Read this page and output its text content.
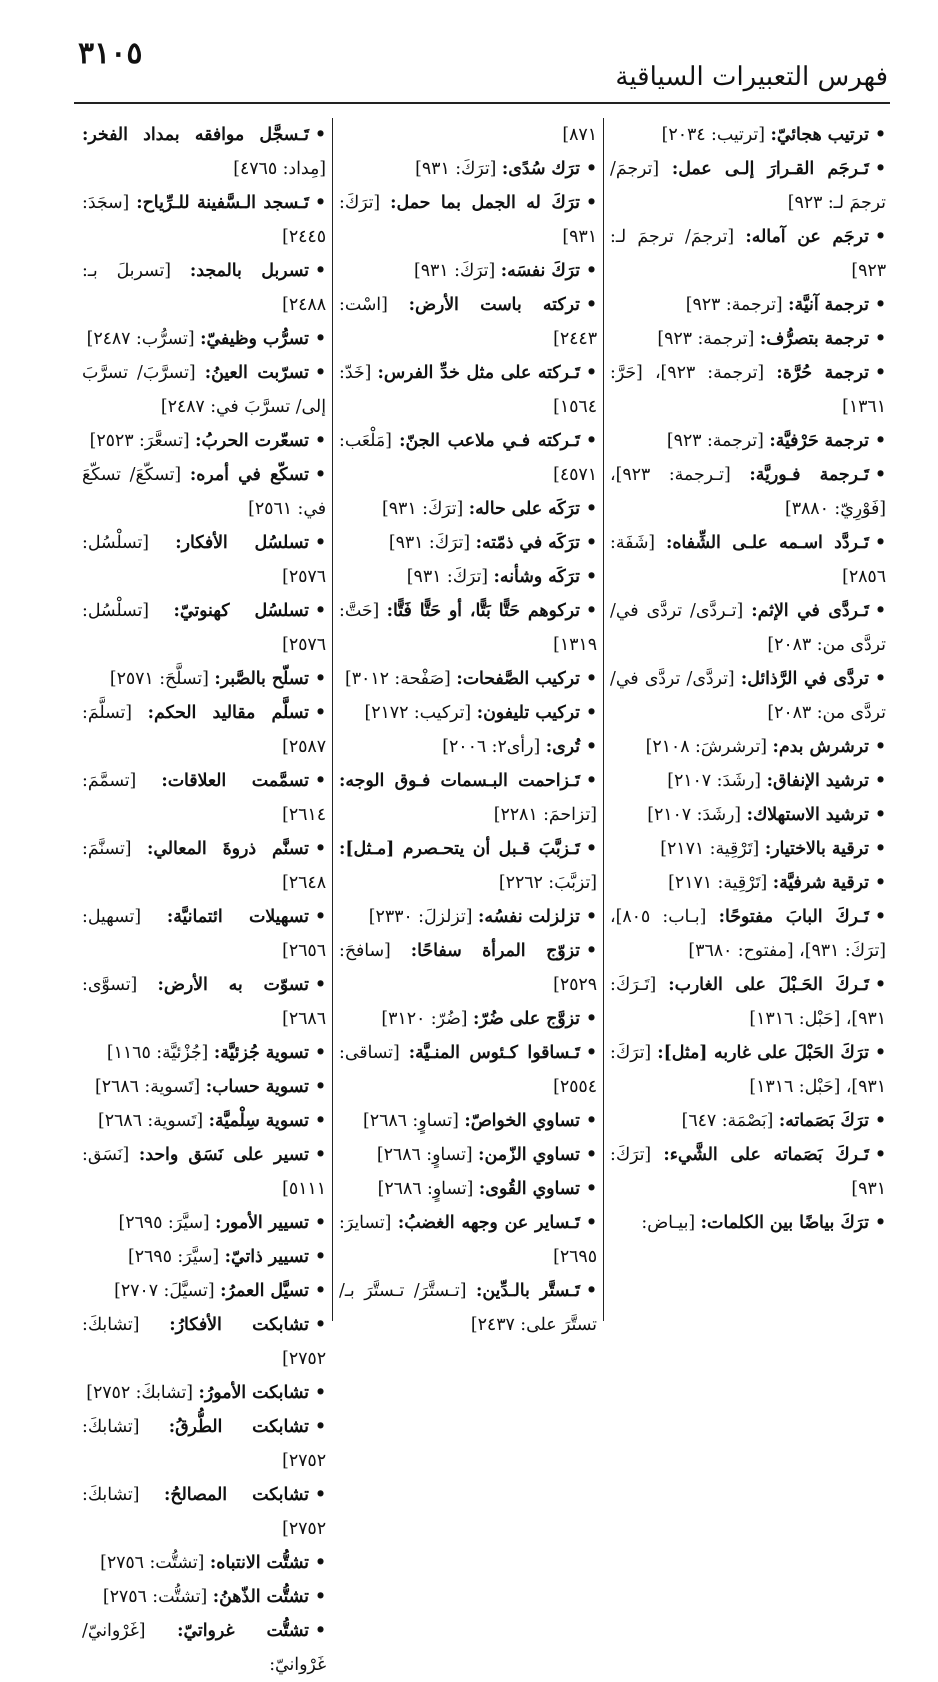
٣١٠٥
فهرس التعبيرات السياقية

•ترتيب هجائيّ: [ترتيب: ٢٠٣٤]

•تَـرجَم القـرارَ إلـى عمل: [ترجمَ/ ترجمَ لـ: ٩٢٣]

•ترجَم عن آماله: [ترجمَ/ ترجمَ لـ: ٩٢٣]

•ترجمة آنيَّة: [ترجمة: ٩٢٣]

•ترجمة بتصرُّف: [ترجمة: ٩٢٣]

•ترجمة حُرَّة: [ترجمة: ٩٢٣]، [حَرَّ: ١٣٦١]

•ترجمة حَرْفيَّة: [ترجمة: ٩٢٣]

•تَـرجمة فـوريَّة: [تـرجمة: ٩٢٣]، [فَوْرِيّ: ٣٨٨٠]

•تَـردَّد اسـمه علـى الشِّفاه: [شَفَة: ٢٨٥٦]

•تَـردَّى في الإثم: [تـردَّى/ تردَّى في/ تردَّى من: ٢٠٨٣]

•تردَّى في الرَّذائل: [تردَّى/ تردَّى في/ تردَّى من: ٢٠٨٣]

•ترشرش بدم: [ترشرشَ: ٢١٠٨]

•ترشيد الإنفاق: [رشَدَ: ٢١٠٧]

•ترشيد الاستهلاك: [رشَدَ: ٢١٠٧]

•ترقية بالاختيار: [تَرْقِية: ٢١٧١]

•ترقية شرفيَّة: [تَرْقِية: ٢١٧١]

•تَـركَ البابَ مفتوحًا: [بـاب: ٨٠٥]، [ترَكَ: ٩٣١]، [مفتوح: ٣٦٨٠]

•تَـركَ الحَـبْلَ على الغارب: [تَـرَكَ: ٩٣١]، [حَبْل: ١٣١٦]

•ترَكَ الحَبْلَ على غاربه [مثل]: [ترَكَ: ٩٣١]، [حَبْل: ١٣١٦]

•ترَكَ بَصَماته: [بَصْمَة: ٦٤٧]

•تَـركَ بَصَماته على الشَّيء: [ترَكَ: ٩٣١]

•ترَكَ بياضًا بين الكلمات: [بيـاض:

٨٧١]

•ترَك سُدًى: [ترَكَ: ٩٣١]

•ترَكَ له الجمل بما حمل: [ترَكَ: ٩٣١]

•ترَكَ نفسَه: [ترَكَ: ٩٣١]

•تركته باست الأرض: [اسْت: ٢٤٤٣]

•تَـركته على مثل خدِّ الفرس: [خَدّ: ١٥٦٤]

•تَـركته فـي ملاعب الجنّ: [مَلْعَب: ٤٥٧١]

•ترَكَه على حاله: [ترَكَ: ٩٣١]

•ترَكَه في ذمّته: [ترَكَ: ٩٣١]

•ترَكَه وشأنه: [ترَكَ: ٩٣١]

•تركوهم حَتًّا بَتًّا، أو حَتًّا فَتًّا: [حَتَّ: ١٣١٩]

•تركيب الصَّفحات: [صَفْحة: ٣٠١٢]

•تركيب تليفون: [تركيب: ٢١٧٢]

•تُرى: [رأى٢: ٢٠٠٦]

•تَـزاحمت البـسمات فـوق الوجه: [تزاحمَ: ٢٢٨١]

•تَـزبَّبَ قـبل أن يتحـصرم [مـثل]: [تزبَّبَ: ٢٢٦٢]

•تزلزلت نفسُه: [تزلزلَ: ٢٣٣٠]

•تزوّج المرأة سفاحًا: [سافحَ: ٢٥٢٩]

•تزوَّج على ضُرّ: [ضُرّ: ٣١٢٠]

•تَـساقوا كـئوس المنـيَّة: [تساقى: ٢٥٥٤]

•تساوي الخواصّ: [تساوٍ: ٢٦٨٦]

•تساوي الزّمن: [تساوٍ: ٢٦٨٦]

•تساوي القُوى: [تساوٍ: ٢٦٨٦]

•تَـساير عن وجهه الغضبُ: [تسايرَ: ٢٦٩٥]

•تَـستَّر بالـدِّين: [تـستَّرَ/ تـستَّرَ بـ/ تستَّرَ على: ٢٤٣٧]

•تَـسجَّل موافقه بمداد الفخر: [مِداد: ٤٧٦٥]

•تَـسجد الـسَّفينة للـرِّياح: [سجَدَ: ٢٤٤٥]

•تسربل بالمجد: [تسربلَ بـ: ٢٤٨٨]

•تسرُّب وظيفيّ: [تسرُّب: ٢٤٨٧]

•تسرّبت العينُ: [تسرَّبَ/ تسرَّبَ إلى/ تسرَّبَ في: ٢٤٨٧]

•تسعّرت الحربُ: [تسعَّرَ: ٢٥٢٣]

•تسكّع في أمره: [تسكّعَ/ تسكّعَ في: ٢٥٦١]

•تسلسُل الأفكار: [تسلْسُل: ٢٥٧٦]

•تسلسُل كهنوتيّ: [تسلْسُل: ٢٥٧٦]

•تسلّح بالصَّبر: [تسلَّحَ: ٢٥٧١]

•تسلَّم مقاليد الحكم: [تسلَّمَ: ٢٥٨٧]

•تسمَّمت العلاقات: [تسمَّمَ: ٢٦١٤]

•تسنَّم ذروةَ المعالي: [تسنَّمَ: ٢٦٤٨]

•تسهيلات ائتمانيَّة: [تسهيل: ٢٦٥٦]

•تسوّت به الأرض: [تسوَّى: ٢٦٨٦]

•تسوية جُزئيَّة: [جُزْئيَّة: ١١٦٥]

•تسوية حساب: [تَسوية: ٢٦٨٦]

•تسوية سِلْميَّة: [تَسوية: ٢٦٨٦]

•تسير على نَسَق واحد: [نَسَق: ٥١١١]

•تسيير الأمور: [سيَّرَ: ٢٦٩٥]

•تسيير ذاتيّ: [سيَّرَ: ٢٦٩٥]

•تسيَّل العمرُ: [تسيَّلَ: ٢٧٠٧]

•تشابكت الأفكارُ: [تشابكَ: ٢٧٥٢]

•تشابكت الأمورُ: [تشابكَ: ٢٧٥٢]

•تشابكت الطُّرقُ: [تشابكَ: ٢٧٥٢]

•تشابكت المصالحُ: [تشابكَ: ٢٧٥٢]

•تشتُّت الانتباه: [تشتُّت: ٢٧٥٦]

•تشتُّت الذّهنُ: [تشتُّت: ٢٧٥٦]

•تشتُّت غرواتيّ: [غَرْوانيّ/ غَرْوانيّ:
